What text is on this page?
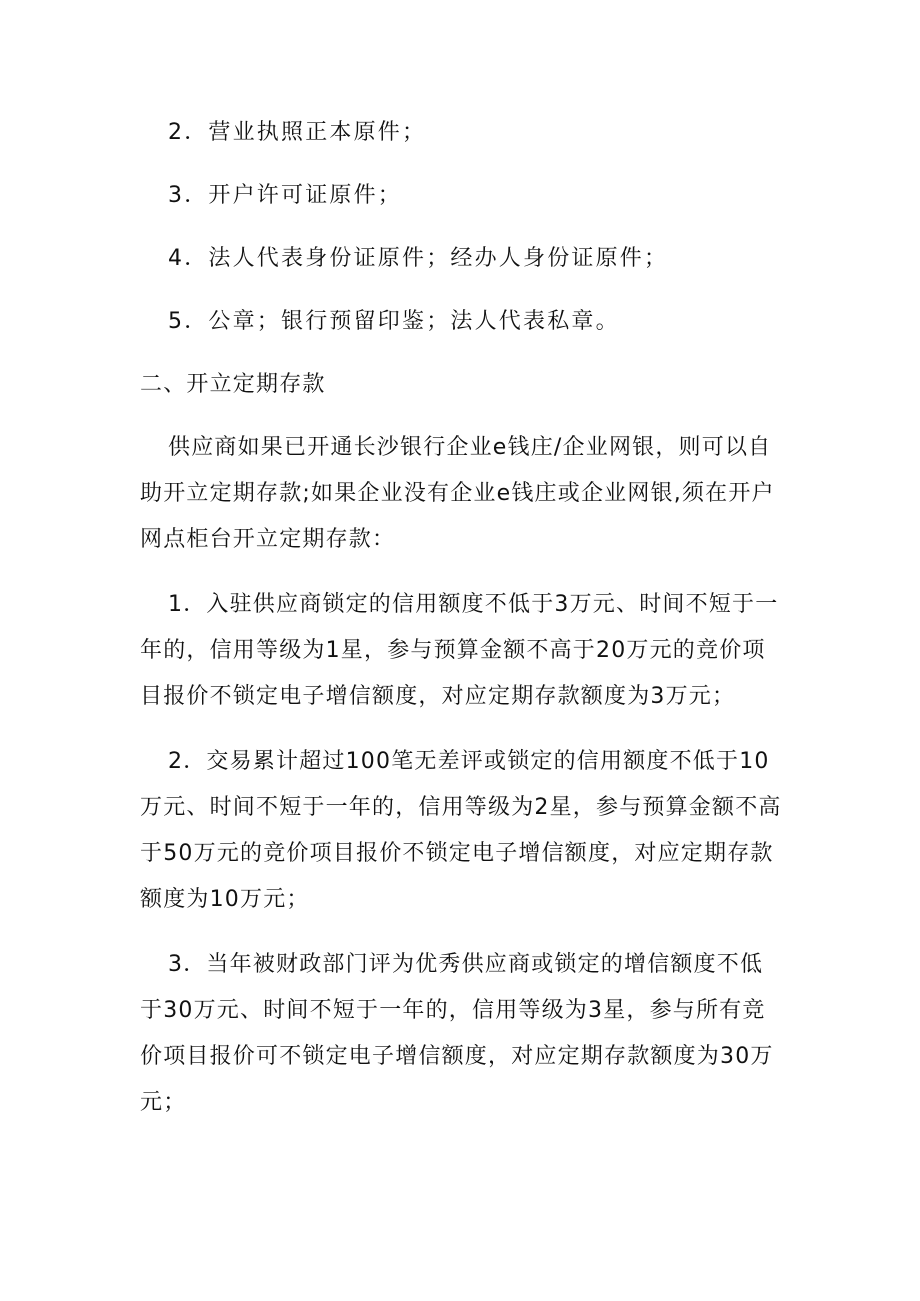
2．营业执照正本原件；
3．开户许可证原件；
4．法人代表身份证原件；经办人身份证原件；
5．公章；银行预留印鉴；法人代表私章。
二、开立定期存款
供应商如果已开通长沙银行企业e钱庄/企业网银，则可以自
助开立定期存款;如果企业没有企业e钱庄或企业网银,须在开户
网点柜台开立定期存款：
1．入驻供应商锁定的信用额度不低于3万元、时间不短于一
年的，信用等级为1星，参与预算金额不高于20万元的竞价项
目报价不锁定电子增信额度，对应定期存款额度为3万元；
2．交易累计超过100笔无差评或锁定的信用额度不低于10
万元、时间不短于一年的，信用等级为2星，参与预算金额不高
于50万元的竞价项目报价不锁定电子增信额度，对应定期存款
额度为10万元；
3．当年被财政部门评为优秀供应商或锁定的增信额度不低
于30万元、时间不短于一年的，信用等级为3星，参与所有竞
价项目报价可不锁定电子增信额度，对应定期存款额度为30万
元；
